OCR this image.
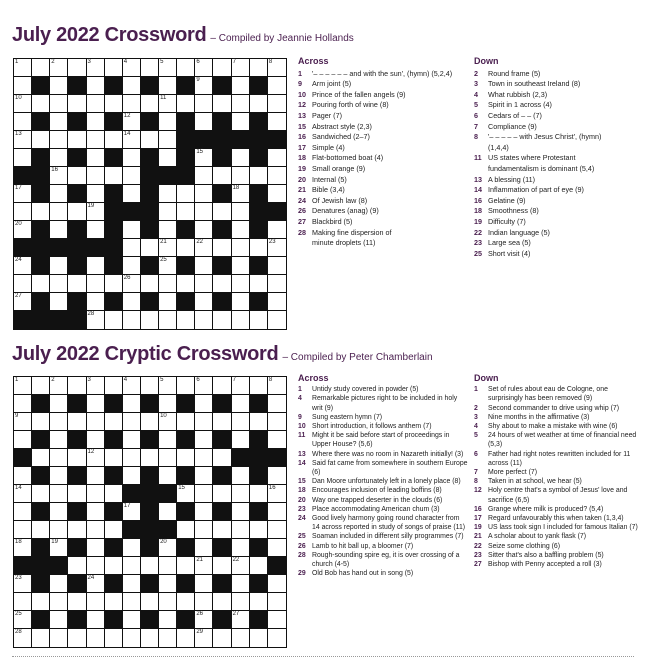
July 2022 Crossword – Compiled by Jeannie Hollands
1	2	3	4	5	6	7	8
9
10	11
12
13	14
15
16
17	18
19
20
21	22	23
24	25
26
27
28
Across
1	'– – – – – – and with the sun', (hymn) (5,2,4)
9	Arm joint (5)
10 Prince of the fallen angels (9)
12 Pouring forth of wine (8)
13 Pager (7)
15 Abstract style (2,3)
16 Sandwiched (2–7)
17 Simple (4)
18 Flat-bottomed boat (4)
19 Small orange (9)
20 Internal (5)
21 Bible (3,4)
24 Of Jewish law (8)
26 Denatures (anag) (9)
27 Blackbird (5)
28 Making fine dispersion of
minute droplets (11)
Down
2	Round frame (5)
3	Town in southeast Ireland (8)
4	What rubbish (2,3)
5	Spirit in 1 across (4)
6	Cedars of – – (7)
7	Compliance (9)
8	'– – – – – with Jesus Christ', (hymn)
(1,4,4)
11 US states where Protestant
fundamentalism is dominant (5,4)
13 A blessing (11)
14 Inflammation of part of eye (9)
16 Gelatine (9)
18 Smoothness (8)
19 Difficulty (7)
22 Indian language (5)
23 Large sea (5)
25 Short visit (4)
July 2022 Cryptic Crossword – Compiled by Peter Chamberlain
1	2	3	4	5	6	7	8
9	10
12
14	15	16
17
18	19	20
21	22
23	24
25	26	27
28	29
Across
1	Untidy study covered in powder (5)
4	Remarkable pictures right to be included in holy writ (9)
9	Sung eastern hymn (7)
10 Short introduction, it follows anthem (7)
11 Might it be said before start of proceedings in Upper House? (5,6)
13 Where there was no room in Nazareth initially! (3)
14 Said fat came from somewhere in southern Europe (6)
15 Dan Moore unfortunately left in a lonely place (8)
18 Encourages inclusion of leading boffins (8)
20 Way one trapped deserter in the clouds (6)
23 Place accommodating American chum (3)
24 Good lively harmony going round character from 14 across reported in study of songs of praise (11)
25 Soaman included in different silly programmes (7)
26 Lamb to hit ball up, a bloomer (7)
28 Rough-sounding spire eg, it is over crossing of a church (4-5)
29 Old Bob has hand out in song (5)
Down
1	Set of rules about eau de Cologne, one surprisingly has been removed (9)
2	Second commander to drive using whip (7)
3	Nine months in the affirmative (3)
4	Shy about to make a mistake with wine (6)
5	24 hours of wet weather at time of financial need (5,3)
6	Father had right notes rewritten included for 11 across (11)
7	More perfect (7)
8	Taken in at school, we hear (5)
12 Holy centre that's a symbol of Jesus' love and sacrifice (6,5)
16 Grange where milk is produced? (5,4)
17 Regard unfavourably this when taken (1,3,4)
19 US lass took sign I included for famous Italian (7)
21 A scholar about to yank flask (7)
22 Seize some clothing (6)
23 Sitter that's also a baffling problem (5)
27 Bishop with Penny accepted a roll (3)
